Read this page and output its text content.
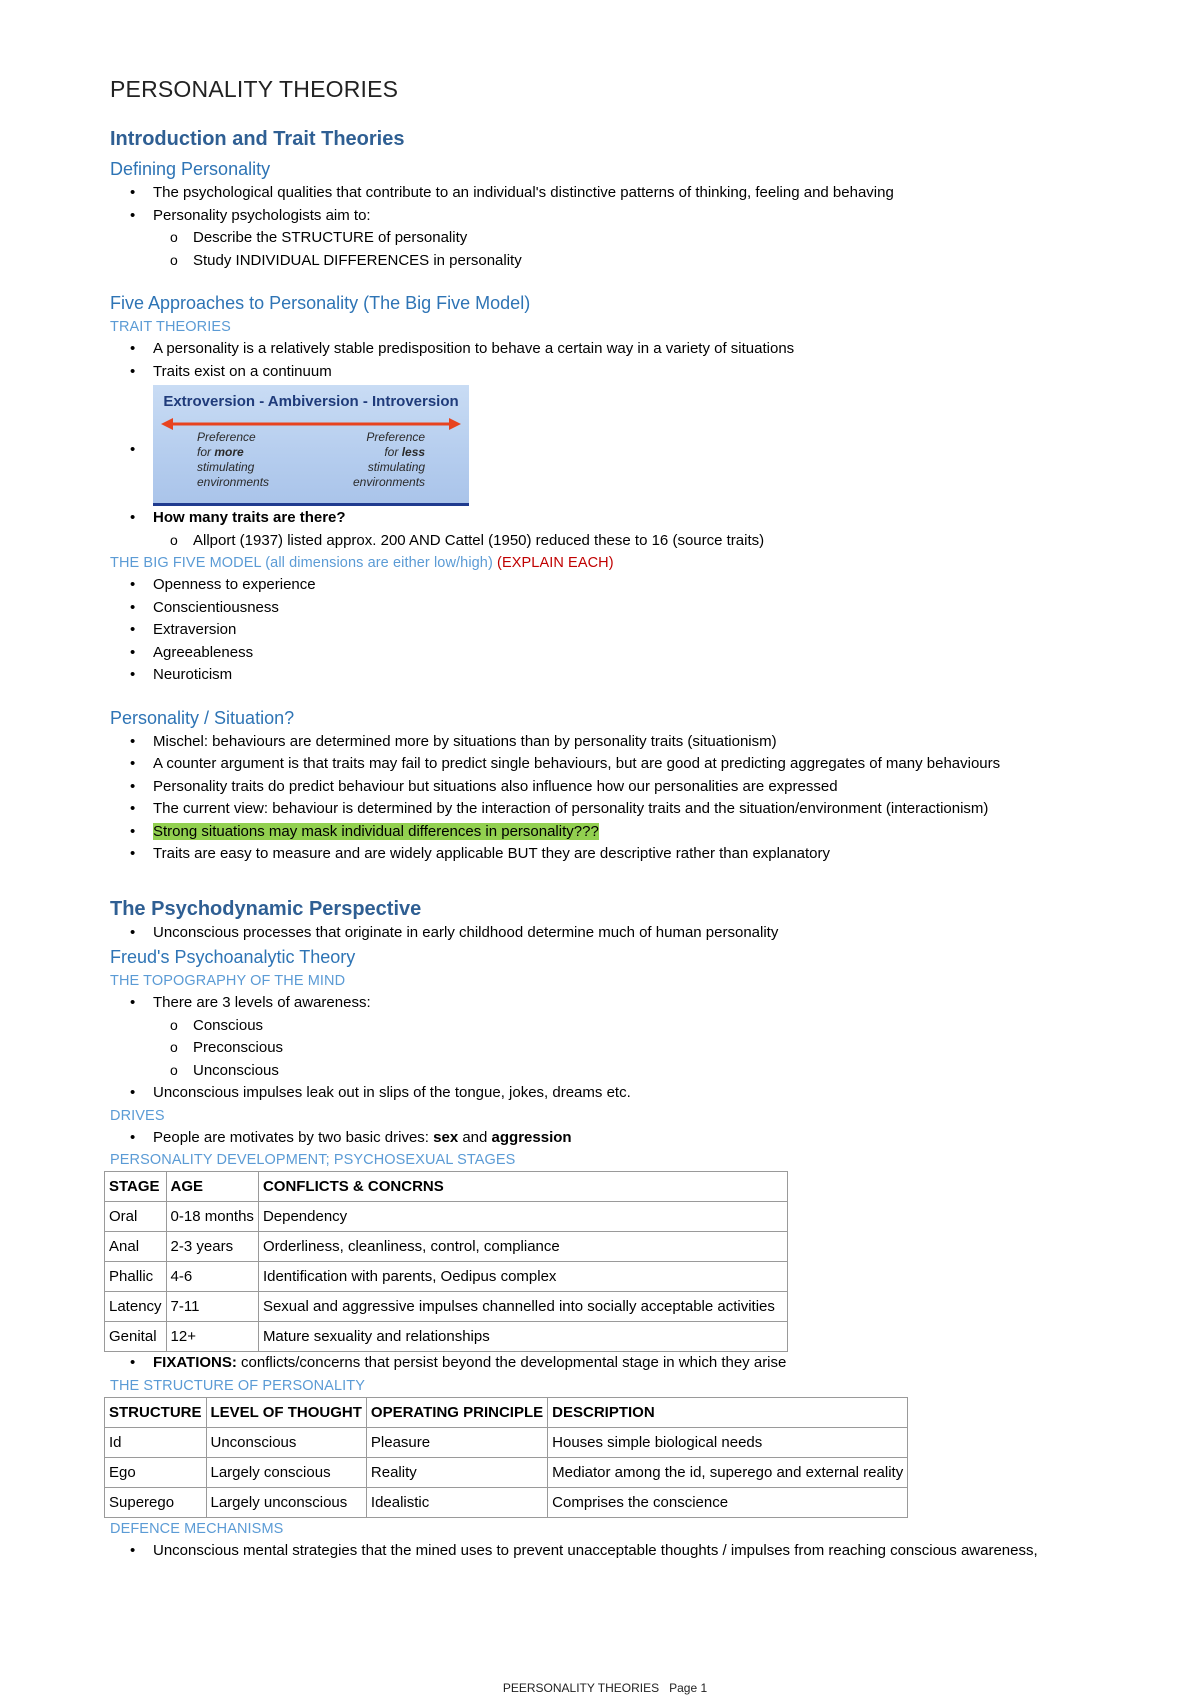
PERSONALITY THEORIES
Introduction and Trait Theories
Defining Personality
• The psychological qualities that contribute to an individual's distinctive patterns of thinking, feeling and behaving
• Personality psychologists aim to:
o Describe the STRUCTURE of personality
o Study INDIVIDUAL DIFFERENCES in personality
Five Approaches to Personality (The Big Five Model)
TRAIT THEORIES
• A personality is a relatively stable predisposition to behave a certain way in a variety of situations
• Traits exist on a continuum
• Extroversion - Ambiversion - Introversion
Preference
for more
stimulating
environments
Preference
for less
stimulating
environments
• How many traits are there?
o Allport (1937) listed approx. 200 AND Cattel (1950) reduced these to 16 (source traits)
THE BIG FIVE MODEL (all dimensions are either low/high) (EXPLAIN EACH)
• Openness to experience
• Conscientiousness
• Extraversion
• Agreeableness
• Neuroticism
Personality / Situation?
• Mischel: behaviours are determined more by situations than by personality traits (situationism)
• A counter argument is that traits may fail to predict single behaviours, but are good at predicting aggregates of many behaviours
• Personality traits do predict behaviour but situations also influence how our personalities are expressed
• The current view: behaviour is determined by the interaction of personality traits and the situation/environment (interactionism)
• Strong situations may mask individual differences in personality???
• Traits are easy to measure and are widely applicable BUT they are descriptive rather than explanatory
The Psychodynamic Perspective
• Unconscious processes that originate in early childhood determine much of human personality
Freud's Psychoanalytic Theory
THE TOPOGRAPHY OF THE MIND
• There are 3 levels of awareness:
o Conscious
o Preconscious
o Unconscious
• Unconscious impulses leak out in slips of the tongue, jokes, dreams etc.
DRIVES
• People are motivates by two basic drives: sex and aggression
PERSONALITY DEVELOPMENT; PSYCHOSEXUAL STAGES
STAGE	AGE	CONFLICTS & CONCRNS
Oral	0-18 months	Dependency
Anal	2-3 years	Orderliness, cleanliness, control, compliance
Phallic	4-6	Identification with parents, Oedipus complex
Latency	7-11	Sexual and aggressive impulses channelled into socially acceptable activities
Genital	12+	Mature sexuality and relationships
• FIXATIONS: conflicts/concerns that persist beyond the developmental stage in which they arise
THE STRUCTURE OF PERSONALITY
STRUCTURE	LEVEL OF THOUGHT	OPERATING PRINCIPLE	DESCRIPTION
Id	Unconscious	Pleasure	Houses simple biological needs
Ego	Largely conscious	Reality	Mediator among the id, superego and external reality
Superego	Largely unconscious	Idealistic	Comprises the conscience
DEFENCE MECHANISMS
• Unconscious mental strategies that the mined uses to prevent unacceptable thoughts / impulses from reaching conscious awareness,
PEERSONALITY THEORIES Page 1
